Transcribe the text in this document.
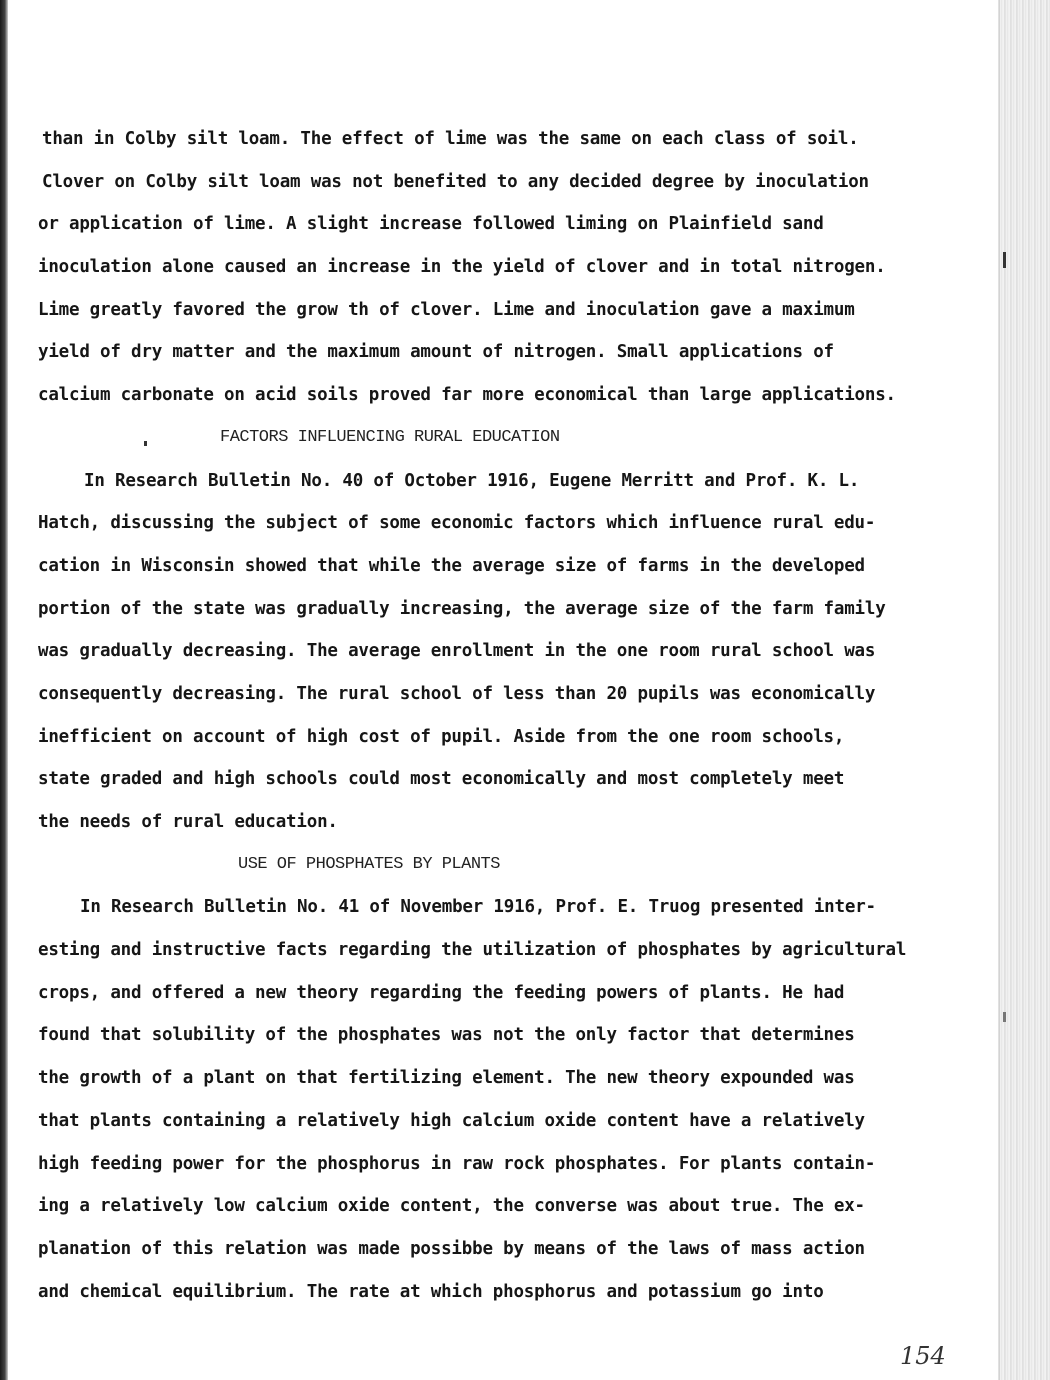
than in Colby silt loam. The effect of lime was the same on each class of soil.
Clover on Colby silt loam was not benefited to any decided degree by inoculation
or application of lime. A slight increase followed liming on Plainfield sand
inoculation alone caused an increase in the yield of clover and in total nitrogen.
Lime greatly favored the grow th of clover. Lime and inoculation gave a maximum
yield of dry matter and the maximum amount of nitrogen. Small applications of
calcium carbonate on acid soils proved far more economical than large applications.
FACTORS INFLUENCING RURAL EDUCATION
In Research Bulletin No. 40 of October 1916, Eugene Merritt and Prof. K. L.
Hatch, discussing the subject of some economic factors which influence rural edu-
cation in Wisconsin showed that while the average size of farms in the developed
portion of the state was gradually increasing, the average size of the farm family
was gradually decreasing. The average enrollment in the one room rural school was
consequently decreasing. The rural school of less than 20 pupils was economically
inefficient on account of high cost of pupil. Aside from the one room schools,
state graded and high schools could most economically and most completely meet
the needs of rural education.
USE OF PHOSPHATES BY PLANTS
In Research Bulletin No. 41 of November 1916, Prof. E. Truog presented inter-
esting and instructive facts regarding the utilization of phosphates by agricultural
crops, and offered a new theory regarding the feeding powers of plants. He had
found that solubility of the phosphates was not the only factor that determines
the growth of a plant on that fertilizing element. The new theory expounded was
that plants containing a relatively high calcium oxide content have a relatively
high feeding power for the phosphorus in raw rock phosphates. For plants contain-
ing a relatively low calcium oxide content, the converse was about true. The ex-
planation of this relation was made possibbe by means of the laws of mass action
and chemical equilibrium. The rate at which phosphorus and potassium go into
154
